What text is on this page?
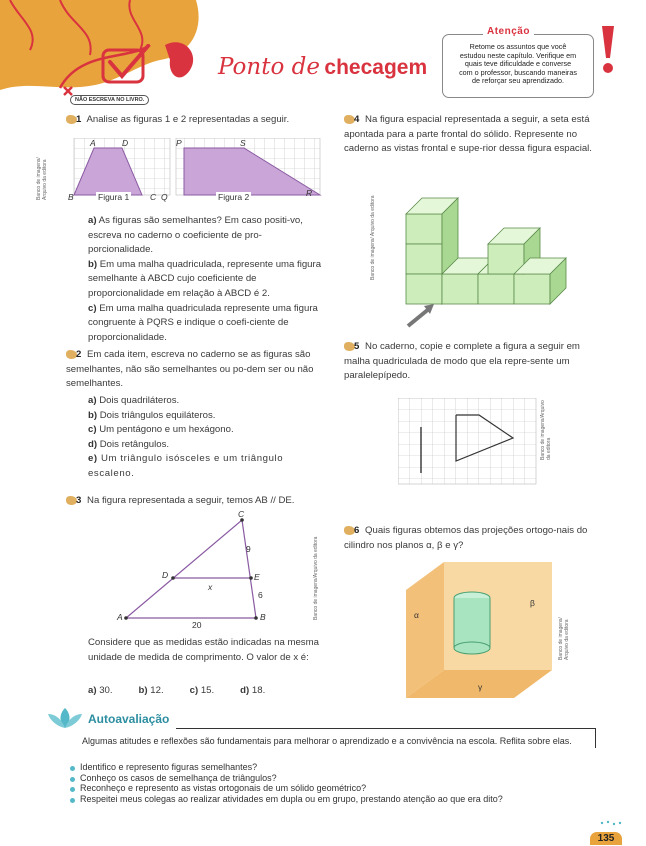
Ponto de checagem
Atenção
Retome os assuntos que você
estudou neste capítulo. Verifique em
quais teve dificuldade e converse
com o professor, buscando maneiras
de reforçar seu aprendizado.
NÃO ESCREVA NO LIVRO.
1 Analise as figuras 1 e 2 representadas a seguir.
Banco de imagens/ Arquivo da editora
A	D
B	C
Figura 1
P	S
Q	R
Figura 2
a) As figuras são semelhantes? Em caso positi-vo, escreva no caderno o coeficiente de pro-porcionalidade.
b) Em uma malha quadriculada, represente uma figura semelhante à ABCD cujo coeficiente de proporcionalidade em relação à ABCD é 2.
c) Em uma malha quadriculada represente uma figura congruente à PQRS e indique o coefi-ciente de proporcionalidade.
2 Em cada item, escreva no caderno se as figuras são semelhantes, não são semelhantes ou po-dem ser ou não semelhantes.
a) Dois quadriláteros.
b) Dois triângulos equiláteros.
c) Um pentágono e um hexágono.
d) Dois retângulos.
e) Um triângulo isósceles e um triângulo escaleno.
3 Na figura representada a seguir, temos AB // DE.
C
D	E
A	B
x
9
6
20
Banco de imagens/Arquivo da editora
Considere que as medidas estão indicadas na mesma unidade de medida de comprimento. O valor de x é:
a) 30.	b) 12.	c) 15.	d) 18.
4 Na figura espacial representada a seguir, a seta está apontada para a parte frontal do sólido. Represente no caderno as vistas frontal e supe-rior dessa figura espacial.
Banco de imagens/ Arquivo da editora
5 No caderno, copie e complete a figura a seguir em malha quadriculada de modo que ela repre-sente um paralelepípedo.
Banco de imagens/Arquivo da editora
6 Quais figuras obtemos das projeções ortogo-nais do cilindro nos planos α, β e γ?
α
β
γ
Banco de imagens/ Arquivo da editora
Autoavaliação
Algumas atitudes e reflexões são fundamentais para melhorar o aprendizado e a convivência na escola. Reflita sobre elas.
Identifico e represento figuras semelhantes?
Conheço os casos de semelhança de triângulos?
Reconheço e represento as vistas ortogonais de um sólido geométrico?
Respeitei meus colegas ao realizar atividades em dupla ou em grupo, prestando atenção ao que era dito?
135
